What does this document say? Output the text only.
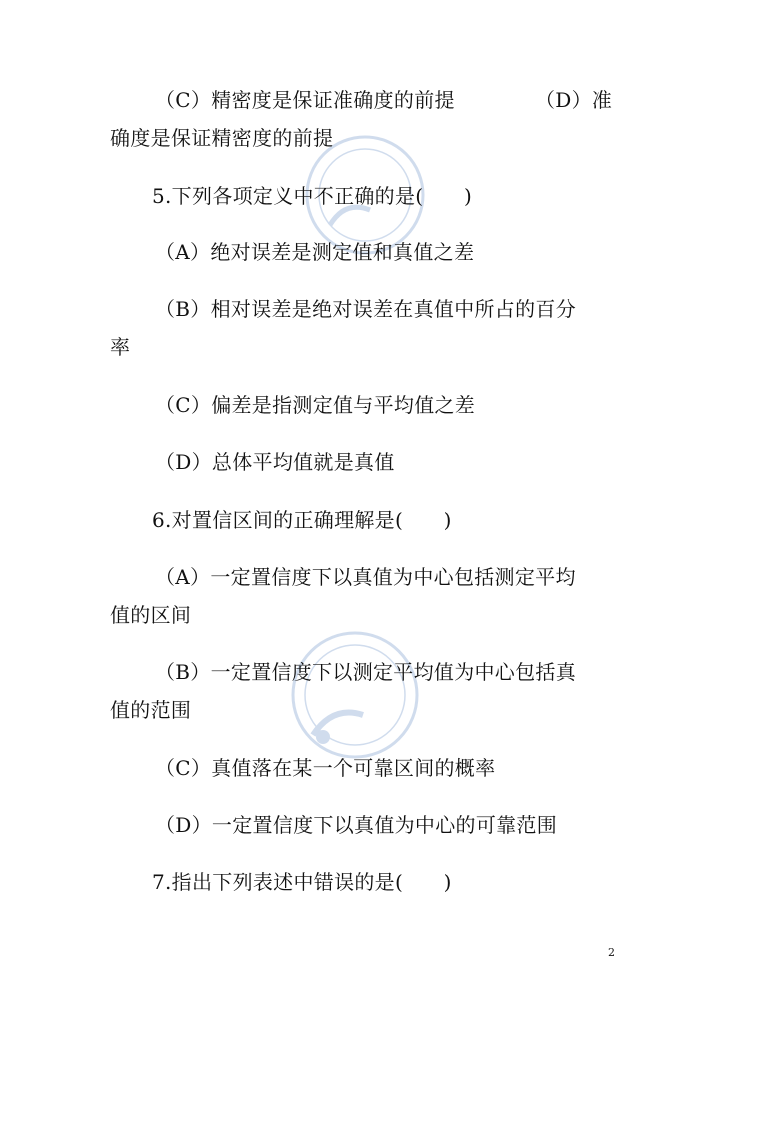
（C）精密度是保证准确度的前提	（D）准
确度是保证精密度的前提
5.下列各项定义中不正确的是(　　)
（A）绝对误差是测定值和真值之差
（B）相对误差是绝对误差在真值中所占的百分
率
（C）偏差是指测定值与平均值之差
（D）总体平均值就是真值
6.对置信区间的正确理解是(　　)
（A）一定置信度下以真值为中心包括测定平均
值的区间
（B）一定置信度下以测定平均值为中心包括真
值的范围
（C）真值落在某一个可靠区间的概率
（D）一定置信度下以真值为中心的可靠范围
7.指出下列表述中错误的是(　　)
2
